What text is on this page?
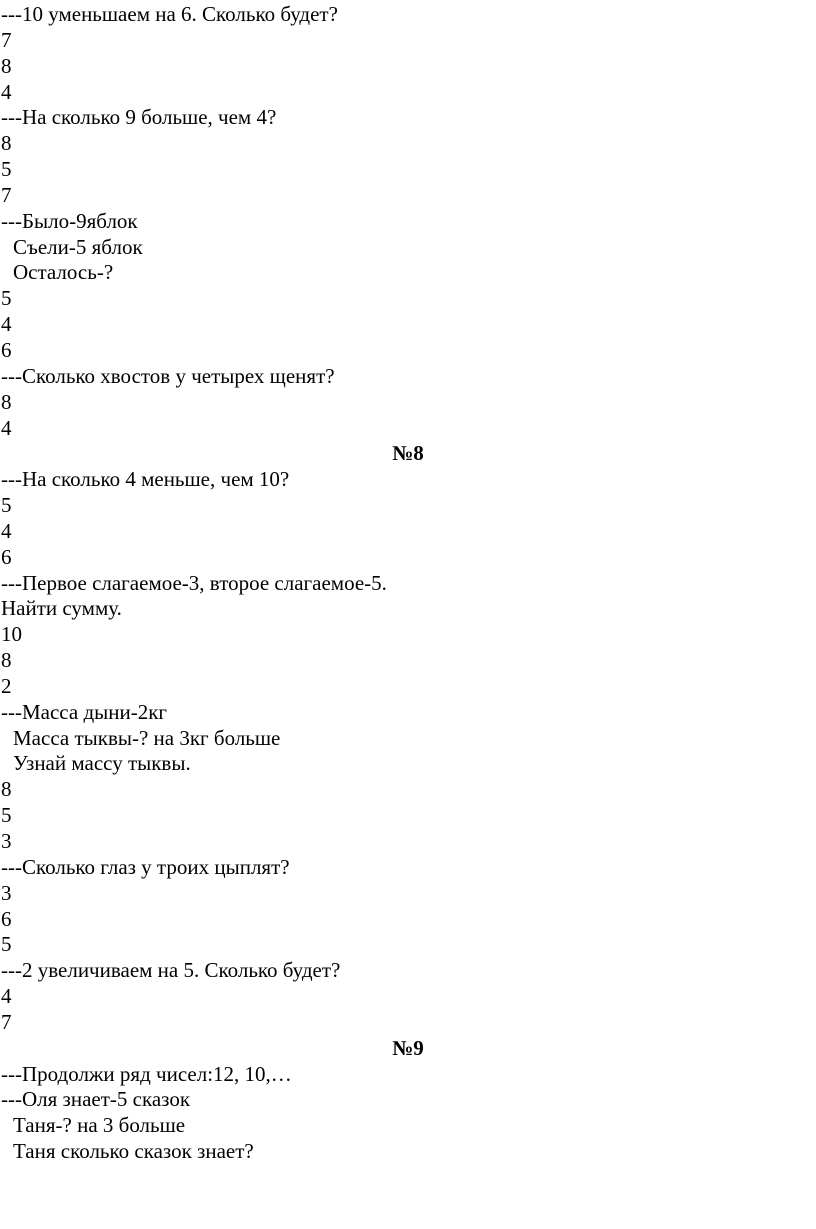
---10 уменьшаем на 6. Сколько будет?
7
8
4
---На сколько 9 больше, чем 4?
8
5
7
---Было-9яблок
Съели-5 яблок
Осталось-?
5
4
6
---Сколько хвостов у четырех щенят?
8
4
№8
---На сколько 4 меньше, чем 10?
5
4
6
---Первое слагаемое-3, второе слагаемое-5.
Найти сумму.
10
8
2
---Масса дыни-2кг
Масса тыквы-? на 3кг больше
Узнай массу тыквы.
8
5
3
---Сколько глаз у троих цыплят?
3
6
5
---2 увеличиваем на 5. Сколько будет?
4
7
№9
---Продолжи ряд чисел:12, 10,…
---Оля знает-5 сказок
Таня-? на 3 больше
Таня сколько сказок знает?
